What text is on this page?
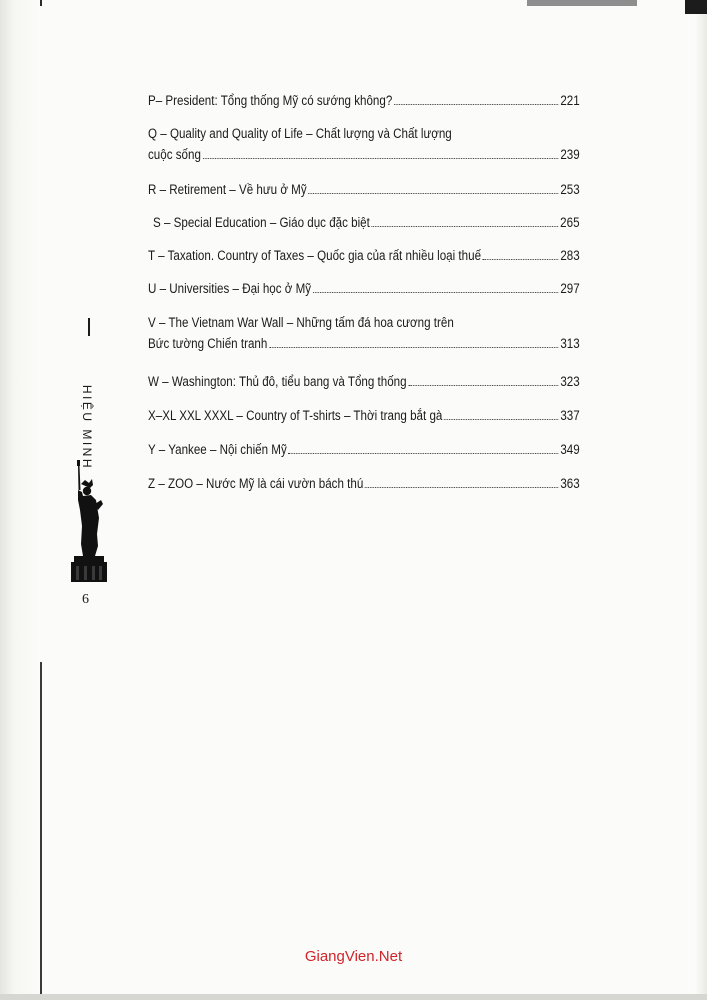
P– President: Tổng thống Mỹ có sướng không?	221
Q – Quality and Quality of Life – Chất lượng và Chất lượng
cuộc sống	239
R – Retirement – Về hưu ở Mỹ	253
S – Special Education – Giáo dục đặc biệt	265
T – Taxation. Country of Taxes – Quốc gia của rất nhiều loại thuế	283
U – Universities – Đại học ở Mỹ	297
V – The Vietnam War Wall – Những tấm đá hoa cương trên
Bức tường Chiến tranh	313
W – Washington: Thủ đô, tiểu bang và Tổng thống	323
X–XL XXL XXXL – Country of T-shirts – Thời trang bắt gà	337
Y – Yankee – Nội chiến Mỹ	349
Z – ZOO – Nước Mỹ là cái vườn bách thú	363
HIỆU MINH
6
GiangVien.Net
